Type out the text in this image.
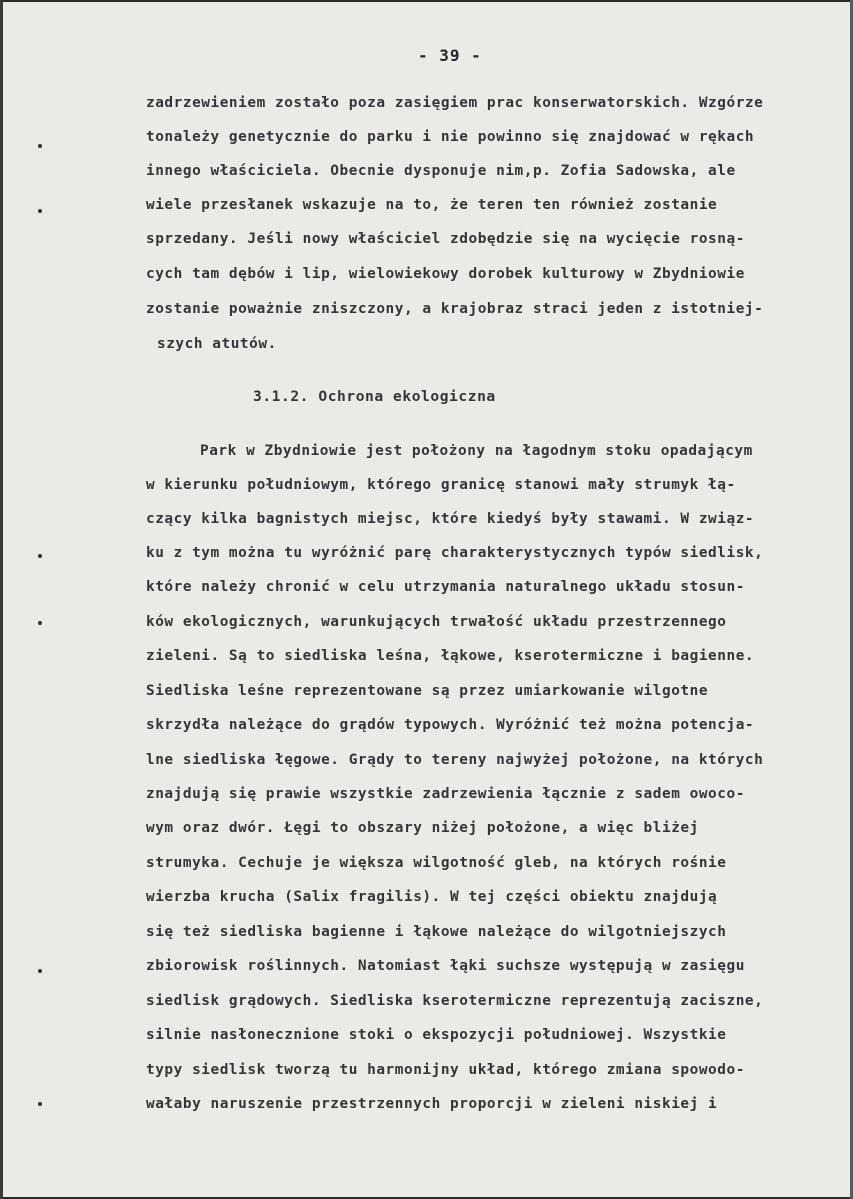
- 39 -
zadrzewieniem zostało poza zasięgiem prac konserwatorskich. Wzgórze
tonależy genetycznie do parku i nie powinno się znajdować w rękach
innego właściciela. Obecnie dysponuje nim,p. Zofia Sadowska, ale
wiele przesłanek wskazuje na to, że teren ten również zostanie
sprzedany. Jeśli nowy właściciel zdobędzie się na wycięcie rosną-
cych tam dębów i lip, wielowiekowy dorobek kulturowy w Zbydniowie
zostanie poważnie zniszczony, a krajobraz straci jeden z istotniej-
szych atutów.
3.1.2. Ochrona ekologiczna
Park w Zbydniowie jest położony na łagodnym stoku opadającym
w kierunku południowym, którego granicę stanowi mały strumyk łą-
czący kilka bagnistych miejsc, które kiedyś były stawami. W związ-
ku z tym można tu wyróżnić parę charakterystycznych typów siedlisk,
które należy chronić w celu utrzymania naturalnego układu stosun-
ków ekologicznych, warunkujących trwałość układu przestrzennego
zieleni. Są to siedliska leśna, łąkowe, kserotermiczne i bagienne.
Siedliska leśne reprezentowane są przez umiarkowanie wilgotne
skrzydła należące do grądów typowych. Wyróżnić też można potencja-
lne siedliska łęgowe. Grądy to tereny najwyżej położone, na których
znajdują się prawie wszystkie zadrzewienia łącznie z sadem owoco-
wym oraz dwór. Łęgi to obszary niżej położone, a więc bliżej
strumyka. Cechuje je większa wilgotność gleb, na których rośnie
wierzba krucha (Salix fragilis). W tej części obiektu znajdują
się też siedliska bagienne i łąkowe należące do wilgotniejszych
zbiorowisk roślinnych. Natomiast łąki suchsze występują w zasięgu
siedlisk grądowych. Siedliska kserotermiczne reprezentują zaciszne,
silnie nasłonecznione stoki o ekspozycji południowej. Wszystkie
typy siedlisk tworzą tu harmonijny układ, którego zmiana spowodo-
wałaby naruszenie przestrzennych proporcji w zieleni niskiej i
